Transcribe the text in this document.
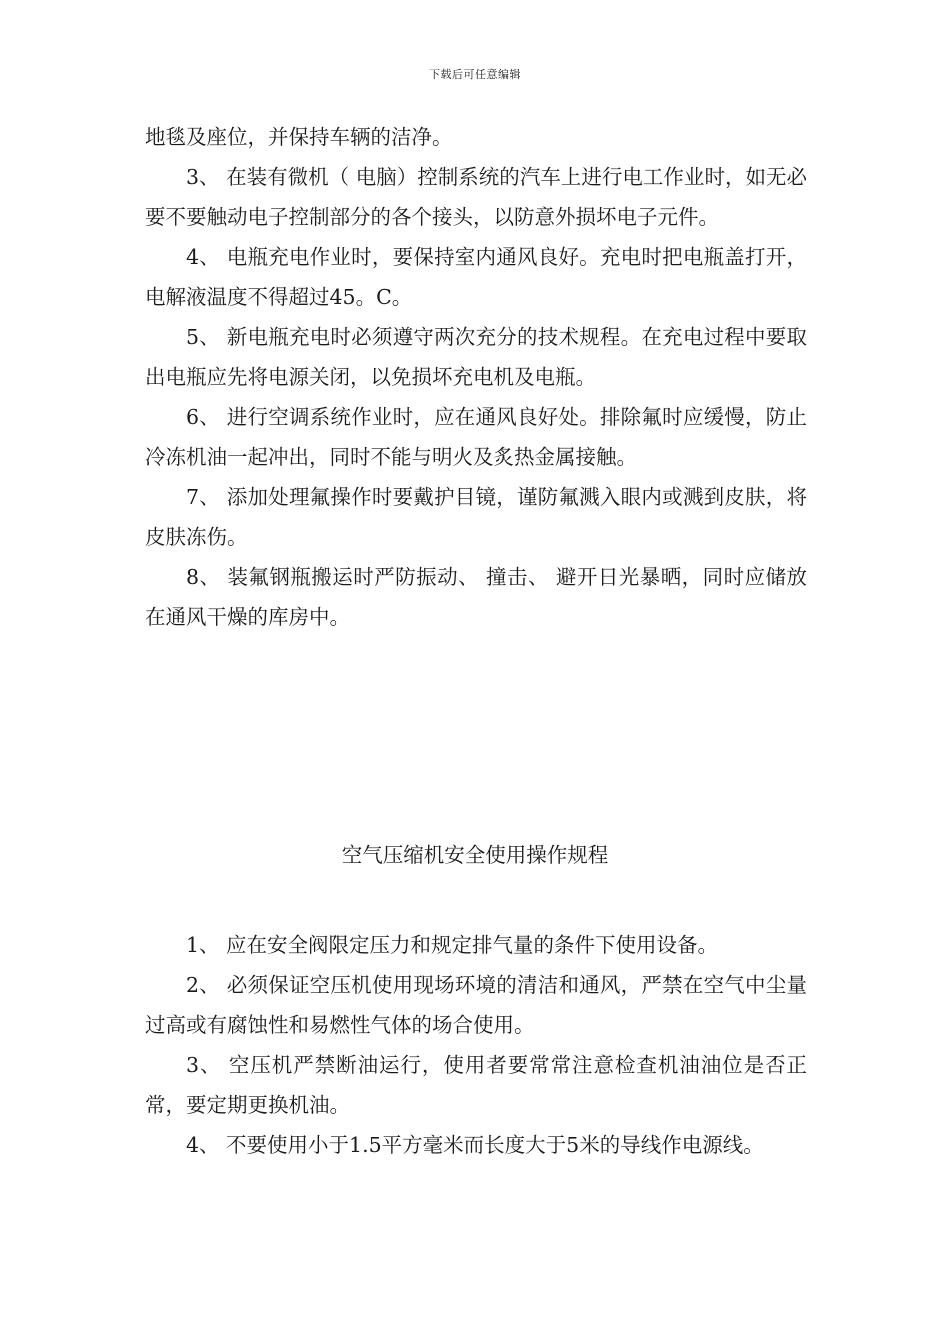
下载后可任意编辑

地毯及座位，并保持车辆的洁净。

3、 在装有微机（ 电脑）控制系统的汽车上进行电工作业时，如无必要不要触动电子控制部分的各个接头，以防意外损坏电子元件。

4、 电瓶充电作业时，要保持室内通风良好。充电时把电瓶盖打开，电解液温度不得超过45。C。

5、 新电瓶充电时必须遵守两次充分的技术规程。在充电过程中要取出电瓶应先将电源关闭，以免损坏充电机及电瓶。

6、 进行空调系统作业时，应在通风良好处。排除氟时应缓慢，防止冷冻机油一起冲出，同时不能与明火及炙热金属接触。

7、 添加处理氟操作时要戴护目镜，谨防氟溅入眼内或溅到皮肤，将皮肤冻伤。

8、 装氟钢瓶搬运时严防振动、 撞击、 避开日光暴晒，同时应储放在通风干燥的库房中。

空气压缩机安全使用操作规程

1、 应在安全阀限定压力和规定排气量的条件下使用设备。

2、 必须保证空压机使用现场环境的清洁和通风，严禁在空气中尘量过高或有腐蚀性和易燃性气体的场合使用。

3、 空压机严禁断油运行，使用者要常常注意检查机油油位是否正常，要定期更换机油。

4、 不要使用小于1.5平方毫米而长度大于5米的导线作电源线。
